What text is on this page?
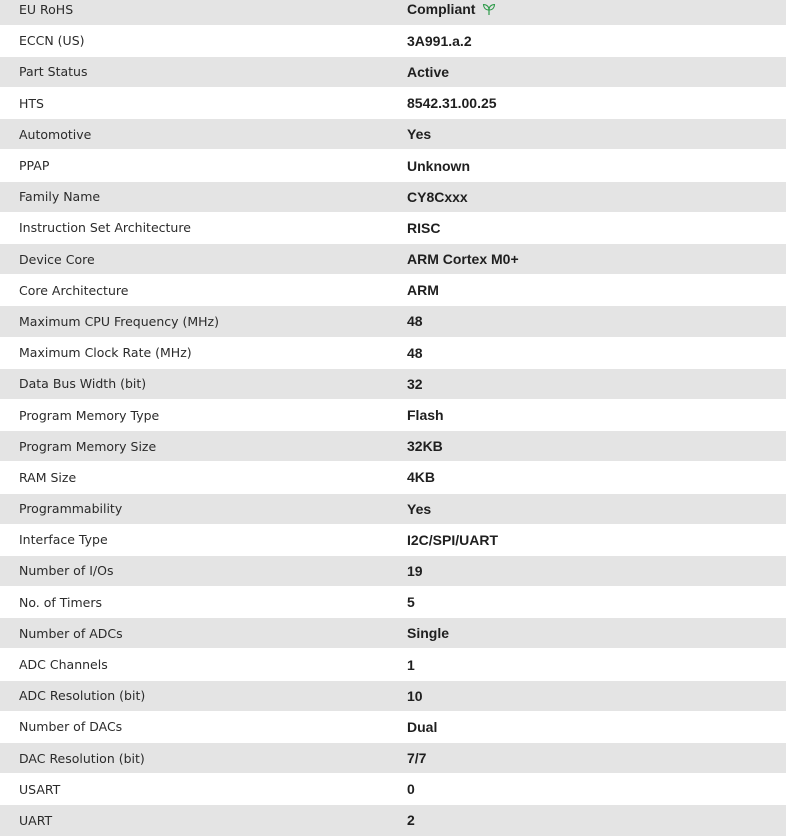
EU RoHS	Compliant
ECCN (US)	3A991.a.2
Part Status	Active
HTS	8542.31.00.25
Automotive	Yes
PPAP	Unknown
Family Name	CY8Cxxx
Instruction Set Architecture	RISC
Device Core	ARM Cortex M0+
Core Architecture	ARM
Maximum CPU Frequency (MHz)	48
Maximum Clock Rate (MHz)	48
Data Bus Width (bit)	32
Program Memory Type	Flash
Program Memory Size	32KB
RAM Size	4KB
Programmability	Yes
Interface Type	I2C/SPI/UART
Number of I/Os	19
No. of Timers	5
Number of ADCs	Single
ADC Channels	1
ADC Resolution (bit)	10
Number of DACs	Dual
DAC Resolution (bit)	7/7
USART	0
UART	2
